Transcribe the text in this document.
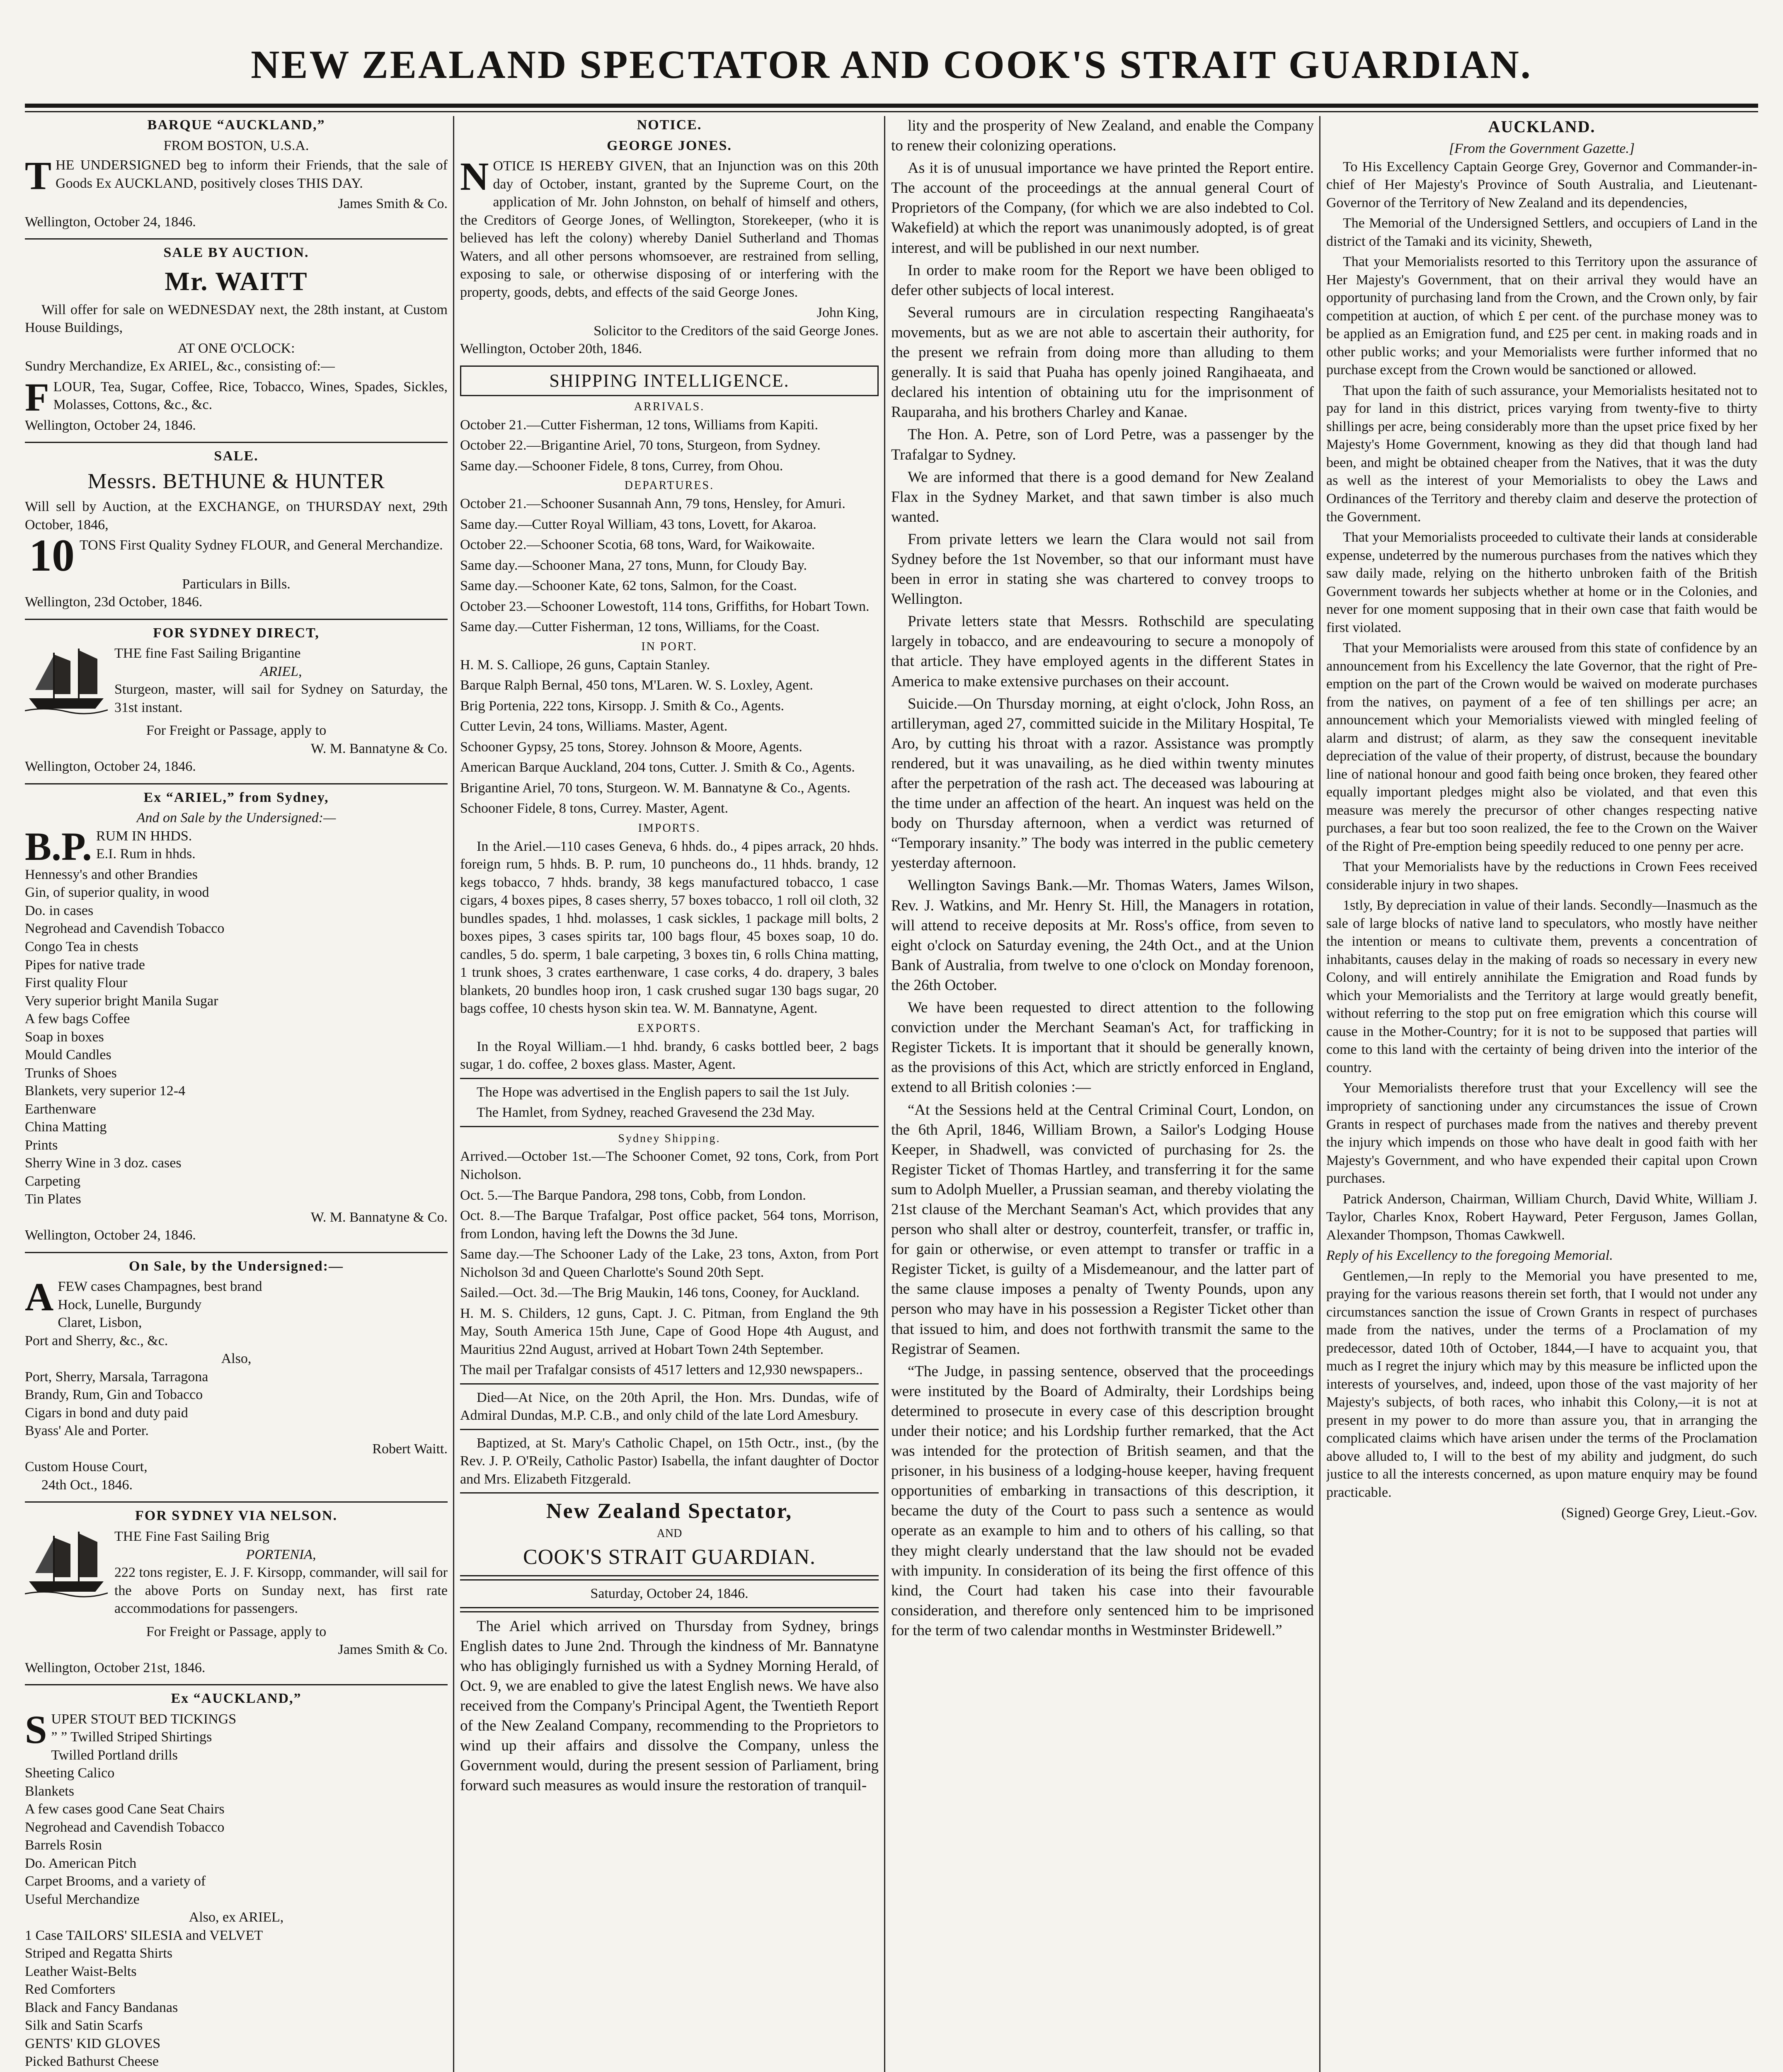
NEW ZEALAND SPECTATOR AND COOK'S STRAIT GUARDIAN.
BARQUE “AUCKLAND,”
FROM BOSTON, U.S.A.
THE UNDERSIGNED beg to inform their Friends, that the sale of Goods Ex AUCKLAND, positively closes THIS DAY.
James Smith & Co.
Wellington, October 24, 1846.
SALE BY AUCTION.
Mr. WAITT
Will offer for sale on WEDNESDAY next, the 28th instant, at Custom House Buildings,
AT ONE O'CLOCK:
Sundry Merchandize, Ex ARIEL, &c., consisting of:—
FLOUR, Tea, Sugar, Coffee, Rice, Tobacco, Wines, Spades, Sickles, Molasses, Cottons, &c., &c.
Wellington, October 24, 1846.
SALE.
Messrs. BETHUNE & HUNTER
Will sell by Auction, at the EXCHANGE, on THURSDAY next, 29th October, 1846,
10 TONS First Quality Sydney FLOUR, and General Merchandize.
Particulars in Bills.
Wellington, 23d October, 1846.
FOR SYDNEY DIRECT,
THE fine Fast Sailing Brigantine
ARIEL,
Sturgeon, master, will sail for Sydney on Saturday, the 31st instant.
For Freight or Passage, apply to
W. M. Bannatyne & Co.
Wellington, October 24, 1846.
Ex “ARIEL,” from Sydney,
And on Sale by the Undersigned:—
B.P. RUM IN HHDS.
E.I. Rum in hhds.
Hennessy's and other Brandies
Gin, of superior quality, in wood
Do. in cases
Negrohead and Cavendish Tobacco
Congo Tea in chests
Pipes for native trade
First quality Flour
Very superior bright Manila Sugar
A few bags Coffee
Soap in boxes
Mould Candles
Trunks of Shoes
Blankets, very superior 12-4
Earthenware
China Matting
Prints
Sherry Wine in 3 doz. cases
Carpeting
Tin Plates
W. M. Bannatyne & Co.
Wellington, October 24, 1846.
On Sale, by the Undersigned:—
A FEW cases Champagnes, best brand
Hock, Lunelle, Burgundy
Claret, Lisbon,
Port and Sherry, &c., &c.
Also,
Port, Sherry, Marsala, Tarragona
Brandy, Rum, Gin and Tobacco
Cigars in bond and duty paid
Byass' Ale and Porter.
Robert Waitt.
Custom House Court,
24th Oct., 1846.
FOR SYDNEY VIA NELSON.
THE Fine Fast Sailing Brig
PORTENIA,
222 tons register, E. J. F. Kirsopp, commander, will sail for the above Ports on Sunday next, has first rate accommodations for passengers.
For Freight or Passage, apply to
James Smith & Co.
Wellington, October 21st, 1846.
Ex “AUCKLAND,”
S UPER STOUT BED TICKINGS
” ” Twilled Striped Shirtings
Twilled Portland drills
Sheeting Calico
Blankets
A few cases good Cane Seat Chairs
Negrohead and Cavendish Tobacco
Barrels Rosin
Do. American Pitch
Carpet Brooms, and a variety of
Useful Merchandize
Also, ex ARIEL,
1 Case TAILORS' SILESIA and VELVET
Striped and Regatta Shirts
Leather Waist-Belts
Red Comforters
Black and Fancy Bandanas
Silk and Satin Scarfs
GENTS' KID GLOVES
Picked Bathurst Cheese
NOTICE.
GEORGE JONES.
NOTICE IS HEREBY GIVEN, that an Injunction was on this 20th day of October, instant, granted by the Supreme Court, on the application of Mr. John Johnston, on behalf of himself and others, the Creditors of George Jones, of Wellington, Storekeeper, (who it is believed has left the colony) whereby Daniel Sutherland and Thomas Waters, and all other persons whomsoever, are restrained from selling, exposing to sale, or otherwise disposing of or interfering with the property, goods, debts, and effects of the said George Jones.
John King,
Solicitor to the Creditors of the said George Jones.
Wellington, October 20th, 1846.
SHIPPING INTELLIGENCE.
ARRIVALS.
October 21.—Cutter Fisherman, 12 tons, Williams from Kapiti.
October 22.—Brigantine Ariel, 70 tons, Sturgeon, from Sydney.
Same day.—Schooner Fidele, 8 tons, Currey, from Ohou.
DEPARTURES.
October 21.—Schooner Susannah Ann, 79 tons, Hensley, for Amuri.
Same day.—Cutter Royal William, 43 tons, Lovett, for Akaroa.
October 22.—Schooner Scotia, 68 tons, Ward, for Waikowaite.
Same day.—Schooner Mana, 27 tons, Munn, for Cloudy Bay.
Same day.—Schooner Kate, 62 tons, Salmon, for the Coast.
October 23.—Schooner Lowestoft, 114 tons, Griffiths, for Hobart Town.
Same day.—Cutter Fisherman, 12 tons, Williams, for the Coast.
IN PORT.
H. M. S. Calliope, 26 guns, Captain Stanley.
Barque Ralph Bernal, 450 tons, M'Laren. W. S. Loxley, Agent.
Brig Portenia, 222 tons, Kirsopp. J. Smith & Co., Agents.
Cutter Levin, 24 tons, Williams. Master, Agent.
Schooner Gypsy, 25 tons, Storey. Johnson & Moore, Agents.
American Barque Auckland, 204 tons, Cutter. J. Smith & Co., Agents.
Brigantine Ariel, 70 tons, Sturgeon. W. M. Bannatyne & Co., Agents.
Schooner Fidele, 8 tons, Currey. Master, Agent.
IMPORTS.
In the Ariel.—110 cases Geneva, 6 hhds. do., 4 pipes arrack, 20 hhds. foreign rum, 5 hhds. B. P. rum, 10 puncheons do., 11 hhds. brandy, 12 kegs tobacco, 7 hhds. brandy, 38 kegs manufactured tobacco, 1 case cigars, 4 boxes pipes, 8 cases sherry, 57 boxes tobacco, 1 roll oil cloth, 32 bundles spades, 1 hhd. molasses, 1 cask sickles, 1 package mill bolts, 2 boxes pipes, 3 cases spirits tar, 100 bags flour, 45 boxes soap, 10 do. candles, 5 do. sperm, 1 bale carpeting, 3 boxes tin, 6 rolls China matting, 1 trunk shoes, 3 crates earthenware, 1 case corks, 4 do. drapery, 3 bales blankets, 20 bundles hoop iron, 1 cask crushed sugar 130 bags sugar, 20 bags coffee, 10 chests hyson skin tea. W. M. Bannatyne, Agent.
EXPORTS.
In the Royal William.—1 hhd. brandy, 6 casks bottled beer, 2 bags sugar, 1 do. coffee, 2 boxes glass. Master, Agent.
The Hope was advertised in the English papers to sail the 1st July.
The Hamlet, from Sydney, reached Gravesend the 23d May.
Sydney Shipping.
Arrived.—October 1st.—The Schooner Comet, 92 tons, Cork, from Port Nicholson.
Oct. 5.—The Barque Pandora, 298 tons, Cobb, from London.
Oct. 8.—The Barque Trafalgar, Post office packet, 564 tons, Morrison, from London, having left the Downs the 3d June.
Same day.—The Schooner Lady of the Lake, 23 tons, Axton, from Port Nicholson 3d and Queen Charlotte's Sound 20th Sept.
Sailed.—Oct. 3d.—The Brig Maukin, 146 tons, Cooney, for Auckland.
H. M. S. Childers, 12 guns, Capt. J. C. Pitman, from England the 9th May, South America 15th June, Cape of Good Hope 4th August, and Mauritius 22nd August, arrived at Hobart Town 24th September.
The mail per Trafalgar consists of 4517 letters and 12,930 newspapers..
Died—At Nice, on the 20th April, the Hon. Mrs. Dundas, wife of Admiral Dundas, M.P. C.B., and only child of the late Lord Amesbury.
Baptized, at St. Mary's Catholic Chapel, on 15th Octr., inst., (by the Rev. J. P. O'Reily, Catholic Pastor) Isabella, the infant daughter of Doctor and Mrs. Elizabeth Fitzgerald.
New Zealand Spectator,
AND
COOK'S STRAIT GUARDIAN.
Saturday, October 24, 1846.
The Ariel which arrived on Thursday from Sydney, brings English dates to June 2nd. Through the kindness of Mr. Bannatyne who has obligingly furnished us with a Sydney Morning Herald, of Oct. 9, we are enabled to give the latest English news. We have also received from the Company's Principal Agent, the Twentieth Report of the New Zealand Company, recommending to the Proprietors to wind up their affairs and dissolve the Company, unless the Government would, during the present session of Parliament, bring forward such measures as would insure the restoration of tranquil-
lity and the prosperity of New Zealand, and enable the Company to renew their colonizing operations.
As it is of unusual importance we have printed the Report entire. The account of the proceedings at the annual general Court of Proprietors of the Company, (for which we are also indebted to Col. Wakefield) at which the report was unanimously adopted, is of great interest, and will be published in our next number.
In order to make room for the Report we have been obliged to defer other subjects of local interest.
Several rumours are in circulation respecting Rangihaeata's movements, but as we are not able to ascertain their authority, for the present we refrain from doing more than alluding to them generally. It is said that Puaha has openly joined Rangihaeata, and declared his intention of obtaining utu for the imprisonment of Rauparaha, and his brothers Charley and Kanae.
The Hon. A. Petre, son of Lord Petre, was a passenger by the Trafalgar to Sydney.
We are informed that there is a good demand for New Zealand Flax in the Sydney Market, and that sawn timber is also much wanted.
From private letters we learn the Clara would not sail from Sydney before the 1st November, so that our informant must have been in error in stating she was chartered to convey troops to Wellington.
Private letters state that Messrs. Rothschild are speculating largely in tobacco, and are endeavouring to secure a monopoly of that article. They have employed agents in the different States in America to make extensive purchases on their account.
Suicide.—On Thursday morning, at eight o'clock, John Ross, an artilleryman, aged 27, committed suicide in the Military Hospital, Te Aro, by cutting his throat with a razor. Assistance was promptly rendered, but it was unavailing, as he died within twenty minutes after the perpetration of the rash act. The deceased was labouring at the time under an affection of the heart. An inquest was held on the body on Thursday afternoon, when a verdict was returned of “Temporary insanity.” The body was interred in the public cemetery yesterday afternoon.
Wellington Savings Bank.—Mr. Thomas Waters, James Wilson, Rev. J. Watkins, and Mr. Henry St. Hill, the Managers in rotation, will attend to receive deposits at Mr. Ross's office, from seven to eight o'clock on Saturday evening, the 24th Oct., and at the Union Bank of Australia, from twelve to one o'clock on Monday forenoon, the 26th October.
We have been requested to direct attention to the following conviction under the Merchant Seaman's Act, for trafficking in Register Tickets. It is important that it should be generally known, as the provisions of this Act, which are strictly enforced in England, extend to all British colonies :—
“At the Sessions held at the Central Criminal Court, London, on the 6th April, 1846, William Brown, a Sailor's Lodging House Keeper, in Shadwell, was convicted of purchasing for 2s. the Register Ticket of Thomas Hartley, and transferring it for the same sum to Adolph Mueller, a Prussian seaman, and thereby violating the 21st clause of the Merchant Seaman's Act, which provides that any person who shall alter or destroy, counterfeit, transfer, or traffic in, for gain or otherwise, or even attempt to transfer or traffic in a Register Ticket, is guilty of a Misdemeanour, and the latter part of the same clause imposes a penalty of Twenty Pounds, upon any person who may have in his possession a Register Ticket other than that issued to him, and does not forthwith transmit the same to the Registrar of Seamen.
“The Judge, in passing sentence, observed that the proceedings were instituted by the Board of Admiralty, their Lordships being determined to prosecute in every case of this description brought under their notice; and his Lordship further remarked, that the Act was intended for the protection of British seamen, and that the prisoner, in his business of a lodging-house keeper, having frequent opportunities of embarking in transactions of this description, it became the duty of the Court to pass such a sentence as would operate as an example to him and to others of his calling, so that they might clearly understand that the law should not be evaded with impunity. In consideration of its being the first offence of this kind, the Court had taken his case into their favourable consideration, and therefore only sentenced him to be imprisoned for the term of two calendar months in Westminster Bridewell.”
AUCKLAND.
[From the Government Gazette.]
To His Excellency Captain George Grey, Governor and Commander-in-chief of Her Majesty's Province of South Australia, and Lieutenant-Governor of the Territory of New Zealand and its dependencies,
The Memorial of the Undersigned Settlers, and occupiers of Land in the district of the Tamaki and its vicinity, Sheweth,
That your Memorialists resorted to this Territory upon the assurance of Her Majesty's Government, that on their arrival they would have an opportunity of purchasing land from the Crown, and the Crown only, by fair competition at auction, of which £ per cent. of the purchase money was to be applied as an Emigration fund, and £25 per cent. in making roads and in other public works; and your Memorialists were further informed that no purchase except from the Crown would be sanctioned or allowed.
That upon the faith of such assurance, your Memorialists hesitated not to pay for land in this district, prices varying from twenty-five to thirty shillings per acre, being considerably more than the upset price fixed by her Majesty's Home Government, knowing as they did that though land had been, and might be obtained cheaper from the Natives, that it was the duty as well as the interest of your Memorialists to obey the Laws and Ordinances of the Territory and thereby claim and deserve the protection of the Government.
That your Memorialists proceeded to cultivate their lands at considerable expense, undeterred by the numerous purchases from the natives which they saw daily made, relying on the hitherto unbroken faith of the British Government towards her subjects whether at home or in the Colonies, and never for one moment supposing that in their own case that faith would be first violated.
That your Memorialists were aroused from this state of confidence by an announcement from his Excellency the late Governor, that the right of Pre-emption on the part of the Crown would be waived on moderate purchases from the natives, on payment of a fee of ten shillings per acre; an announcement which your Memorialists viewed with mingled feeling of alarm and distrust; of alarm, as they saw the consequent inevitable depreciation of the value of their property, of distrust, because the boundary line of national honour and good faith being once broken, they feared other equally important pledges might also be violated, and that even this measure was merely the precursor of other changes respecting native purchases, a fear but too soon realized, the fee to the Crown on the Waiver of the Right of Pre-emption being speedily reduced to one penny per acre.
That your Memorialists have by the reductions in Crown Fees received considerable injury in two shapes.
1stly, By depreciation in value of their lands. Secondly—Inasmuch as the sale of large blocks of native land to speculators, who mostly have neither the intention or means to cultivate them, prevents a concentration of inhabitants, causes delay in the making of roads so necessary in every new Colony, and will entirely annihilate the Emigration and Road funds by which your Memorialists and the Territory at large would greatly benefit, without referring to the stop put on free emigration which this course will cause in the Mother-Country; for it is not to be supposed that parties will come to this land with the certainty of being driven into the interior of the country.
Your Memorialists therefore trust that your Excellency will see the impropriety of sanctioning under any circumstances the issue of Crown Grants in respect of purchases made from the natives and thereby prevent the injury which impends on those who have dealt in good faith with her Majesty's Government, and who have expended their capital upon Crown purchases.
Patrick Anderson, Chairman, William Church, David White, William J. Taylor, Charles Knox, Robert Hayward, Peter Ferguson, James Gollan, Alexander Thompson, Thomas Cawkwell.
Reply of his Excellency to the foregoing Memorial.
Gentlemen,—In reply to the Memorial you have presented to me, praying for the various reasons therein set forth, that I would not under any circumstances sanction the issue of Crown Grants in respect of purchases made from the natives, under the terms of a Proclamation of my predecessor, dated 10th of October, 1844,—I have to acquaint you, that much as I regret the injury which may by this measure be inflicted upon the interests of yourselves, and, indeed, upon those of the vast majority of her Majesty's subjects, of both races, who inhabit this Colony,—it is not at present in my power to do more than assure you, that in arranging the complicated claims which have arisen under the terms of the Proclamation above alluded to, I will to the best of my ability and judgment, do such justice to all the interests concerned, as upon mature enquiry may be found practicable.
(Signed) George Grey, Lieut.-Gov.
